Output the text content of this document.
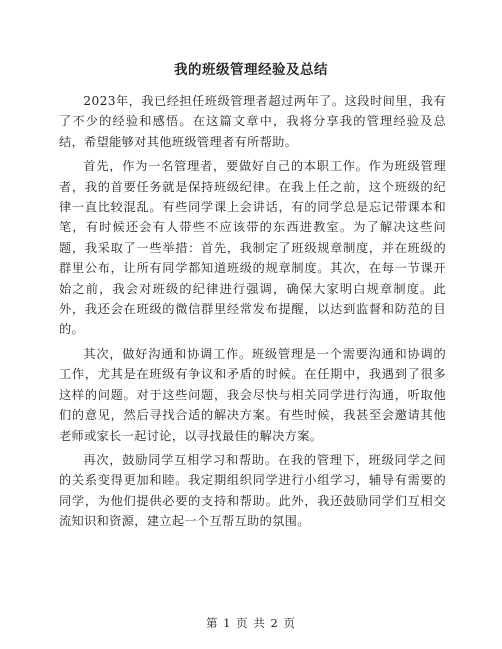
我的班级管理经验及总结

2023年，我已经担任班级管理者超过两年了。这段时间里，我有了不少的经验和感悟。在这篇文章中，我将分享我的管理经验及总结，希望能够对其他班级管理者有所帮助。

首先，作为一名管理者，要做好自己的本职工作。作为班级管理者，我的首要任务就是保持班级纪律。在我上任之前，这个班级的纪律一直比较混乱。有些同学课上会讲话，有的同学总是忘记带课本和笔，有时候还会有人带些不应该带的东西进教室。为了解决这些问题，我采取了一些举措：首先，我制定了班级规章制度，并在班级的群里公布，让所有同学都知道班级的规章制度。其次，在每一节课开始之前，我会对班级的纪律进行强调，确保大家明白规章制度。此外，我还会在班级的微信群里经常发布提醒，以达到监督和防范的目的。

其次，做好沟通和协调工作。班级管理是一个需要沟通和协调的工作，尤其是在班级有争议和矛盾的时候。在任期中，我遇到了很多这样的问题。对于这些问题，我会尽快与相关同学进行沟通，听取他们的意见，然后寻找合适的解决方案。有些时候，我甚至会邀请其他老师或家长一起讨论，以寻找最佳的解决方案。

再次，鼓励同学互相学习和帮助。在我的管理下，班级同学之间的关系变得更加和睦。我定期组织同学进行小组学习，辅导有需要的同学，为他们提供必要的支持和帮助。此外，我还鼓励同学们互相交流知识和资源，建立起一个互帮互助的氛围。

第 1 页 共 2 页
